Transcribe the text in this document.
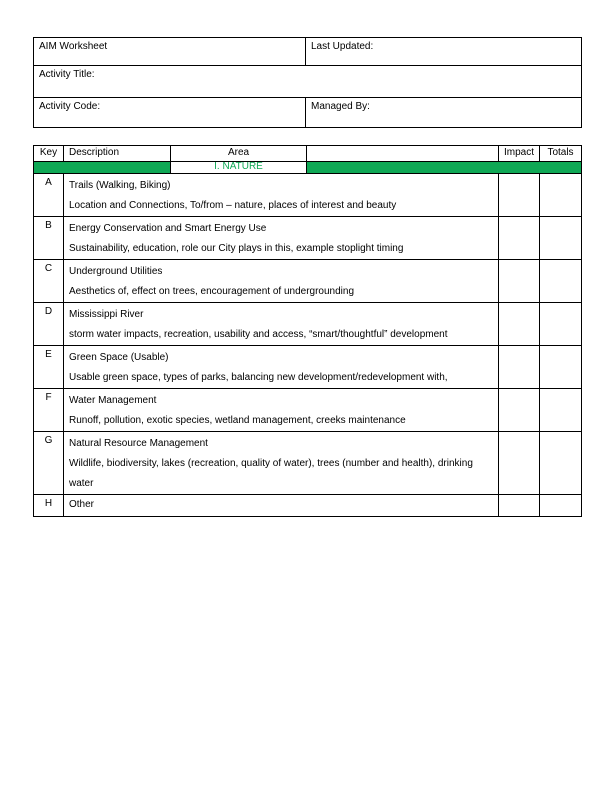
AIM Worksheet	Last Updated:
Activity Title:	
Activity Code:	Managed By:
Key	Description	Area		Impact	Totals
		I. NATURE			
A	Trails (Walking, Biking)
Location and Connections, To/from – nature, places of interest and beauty				

B	Energy Conservation and Smart Energy Use
Sustainability, education, role our City plays in this, example stoplight timing				

C	Underground Utilities
Aesthetics of, effect on trees, encouragement of undergrounding				

D	Mississippi River
storm water impacts, recreation, usability and access, “smart/thoughtful” development				

E	Green Space (Usable)
Usable green space, types of parks, balancing new development/redevelopment with,				

F	Water Management
Runoff, pollution, exotic species, wetland management, creeks maintenance				

G	Natural Resource Management
Wildlife, biodiversity, lakes (recreation, quality of water), trees (number and health), drinking water				

H	Other				
